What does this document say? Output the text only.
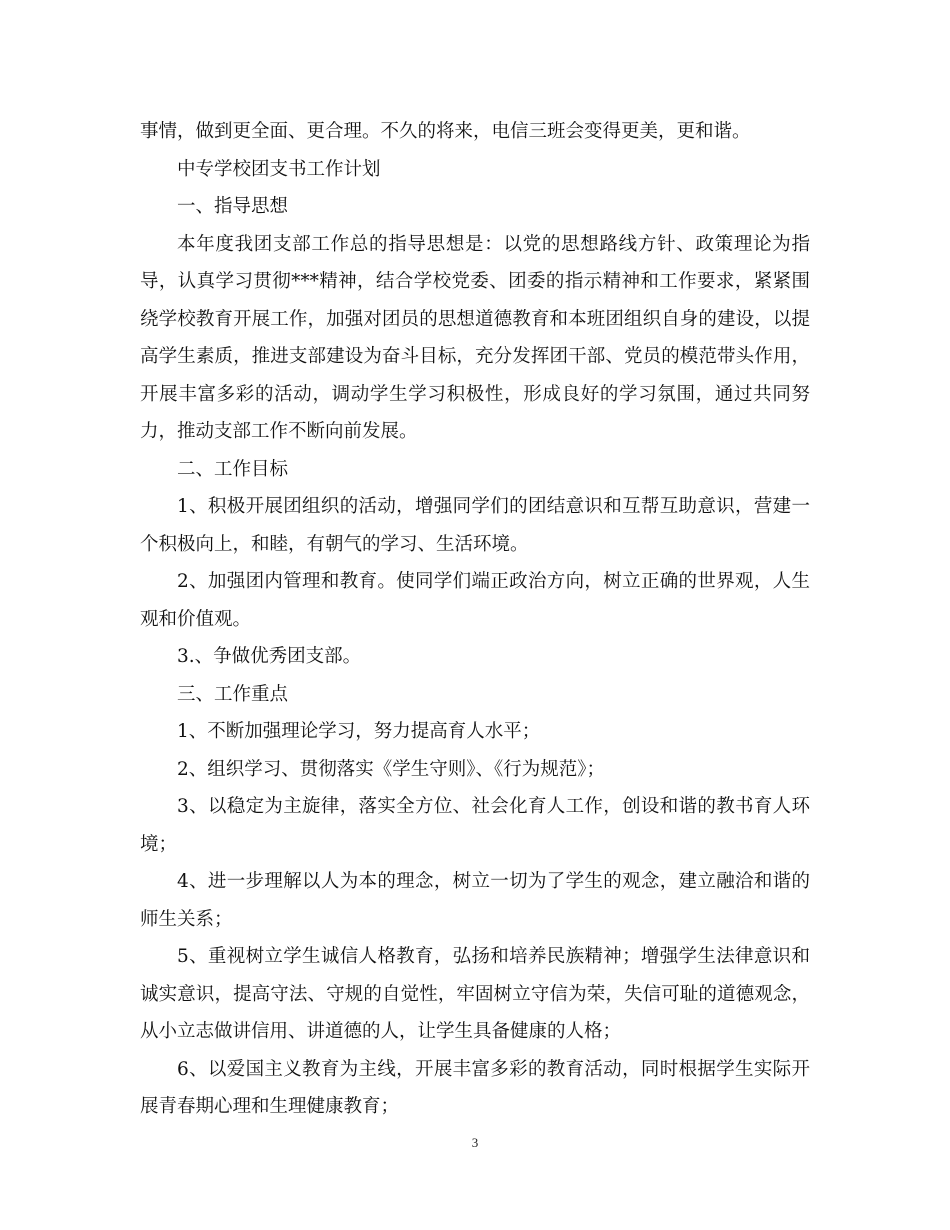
事情，做到更全面、更合理。不久的将来，电信三班会变得更美，更和谐。

中专学校团支书工作计划

一、指导思想

本年度我团支部工作总的指导思想是：以党的思想路线方针、政策理论为指导，认真学习贯彻***精神，结合学校党委、团委的指示精神和工作要求，紧紧围绕学校教育开展工作，加强对团员的思想道德教育和本班团组织自身的建设，以提高学生素质，推进支部建设为奋斗目标，充分发挥团干部、党员的模范带头作用，开展丰富多彩的活动，调动学生学习积极性，形成良好的学习氛围，通过共同努力，推动支部工作不断向前发展。

二、工作目标

1、积极开展团组织的活动，增强同学们的团结意识和互帮互助意识，营建一个积极向上，和睦，有朝气的学习、生活环境。

2、加强团内管理和教育。使同学们端正政治方向，树立正确的世界观，人生观和价值观。

3.、争做优秀团支部。

三、工作重点

1、不断加强理论学习，努力提高育人水平；

2、组织学习、贯彻落实《学生守则》、《行为规范》；

3、以稳定为主旋律，落实全方位、社会化育人工作，创设和谐的教书育人环境；

4、进一步理解以人为本的理念，树立一切为了学生的观念，建立融洽和谐的师生关系；

5、重视树立学生诚信人格教育，弘扬和培养民族精神；增强学生法律意识和诚实意识，提高守法、守规的自觉性，牢固树立守信为荣，失信可耻的道德观念，从小立志做讲信用、讲道德的人，让学生具备健康的人格；

6、以爱国主义教育为主线，开展丰富多彩的教育活动，同时根据学生实际开展青春期心理和生理健康教育；

3
